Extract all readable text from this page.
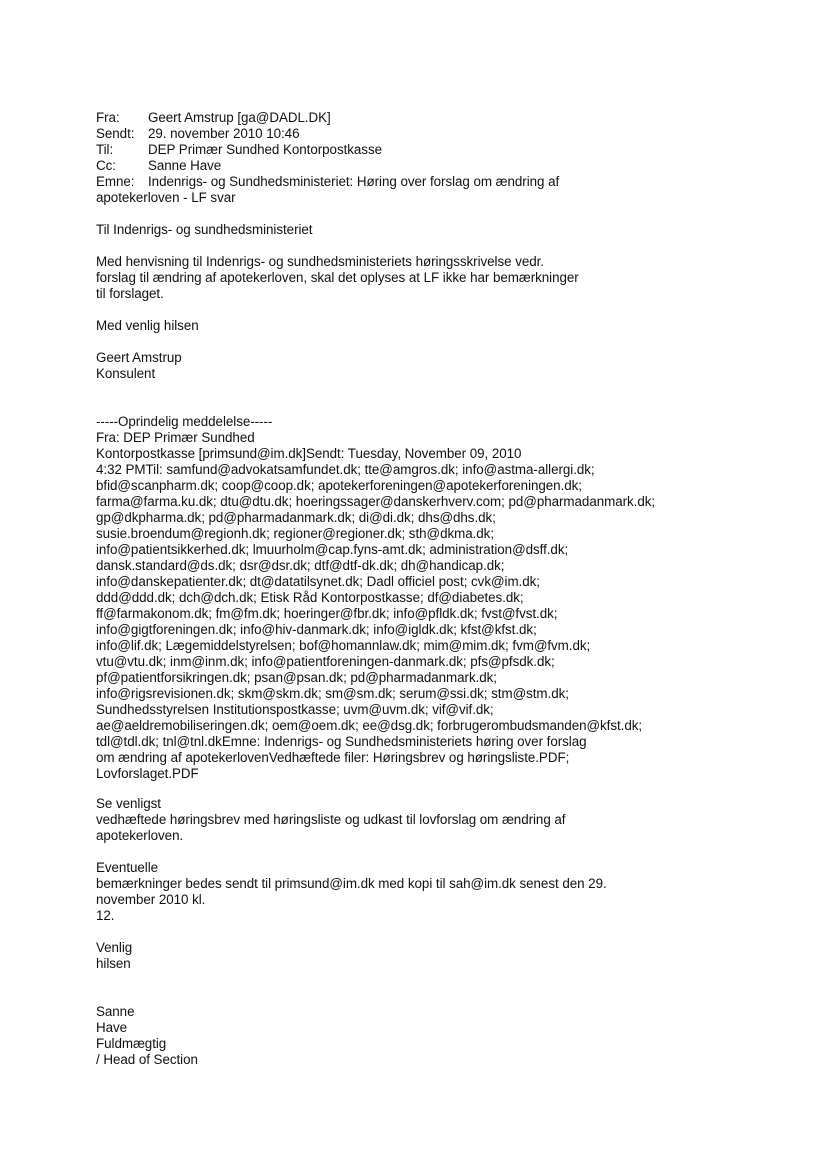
Fra: Geert Amstrup [ga@DADL.DK]
Sendt: 29. november 2010 10:46
Til:	DEP Primær Sundhed Kontorpostkasse
Cc: Sanne Have
Emne: Indenrigs- og Sundhedsministeriet: Høring over forslag om ændring af
apotekerloven - LF svar
Til Indenrigs- og sundhedsministeriet
Med henvisning til Indenrigs- og sundhedsministeriets høringsskrivelse vedr.
forslag til ændring af apotekerloven, skal det oplyses at LF ikke har bemærkninger
til forslaget.
Med venlig hilsen
Geert Amstrup
Konsulent
-----Oprindelig meddelelse-----
Fra: DEP Primær Sundhed
Kontorpostkasse [primsund@im.dk]Sendt: Tuesday, November 09, 2010
4:32 PMTil: samfund@advokatsamfundet.dk; tte@amgros.dk; info@astma-allergi.dk;
bfid@scanpharm.dk; coop@coop.dk; apotekerforeningen@apotekerforeningen.dk;
farma@farma.ku.dk; dtu@dtu.dk; hoeringssager@danskerhverv.com; pd@pharmadanmark.dk;
gp@dkpharma.dk; pd@pharmadanmark.dk; di@di.dk; dhs@dhs.dk;
susie.broendum@regionh.dk; regioner@regioner.dk; sth@dkma.dk;
info@patientsikkerhed.dk; lmuurholm@cap.fyns-amt.dk; administration@dsff.dk;
dansk.standard@ds.dk; dsr@dsr.dk; dtf@dtf-dk.dk; dh@handicap.dk;
info@danskepatienter.dk; dt@datatilsynet.dk; Dadl officiel post; cvk@im.dk;
ddd@ddd.dk; dch@dch.dk; Etisk Råd Kontorpostkasse; df@diabetes.dk;
ff@farmakonom.dk; fm@fm.dk; hoeringer@fbr.dk; info@pfldk.dk; fvst@fvst.dk;
info@gigtforeningen.dk; info@hiv-danmark.dk; info@igldk.dk; kfst@kfst.dk;
info@lif.dk; Lægemiddelstyrelsen; bof@homannlaw.dk; mim@mim.dk; fvm@fvm.dk;
vtu@vtu.dk; inm@inm.dk; info@patientforeningen-danmark.dk; pfs@pfsdk.dk;
pf@patientforsikringen.dk; psan@psan.dk; pd@pharmadanmark.dk;
info@rigsrevisionen.dk; skm@skm.dk; sm@sm.dk; serum@ssi.dk; stm@stm.dk;
Sundhedsstyrelsen Institutionspostkasse; uvm@uvm.dk; vif@vif.dk;
ae@aeldremobiliseringen.dk; oem@oem.dk; ee@dsg.dk; forbrugerombudsmanden@kfst.dk;
tdl@tdl.dk; tnl@tnl.dkEmne: Indenrigs- og Sundhedsministeriets høring over forslag
om ændring af apotekerlovenVedhæftede filer: Høringsbrev og høringsliste.PDF;
Lovforslaget.PDF
Se venligst
vedhæftede høringsbrev med høringsliste og udkast til lovforslag om ændring af
apotekerloven.
Eventuelle
bemærkninger bedes sendt til primsund@im.dk med kopi til sah@im.dk senest den 29.
november 2010 kl.
12.
Venlig
hilsen
Sanne
Have
Fuldmægtig
/ Head of Section
